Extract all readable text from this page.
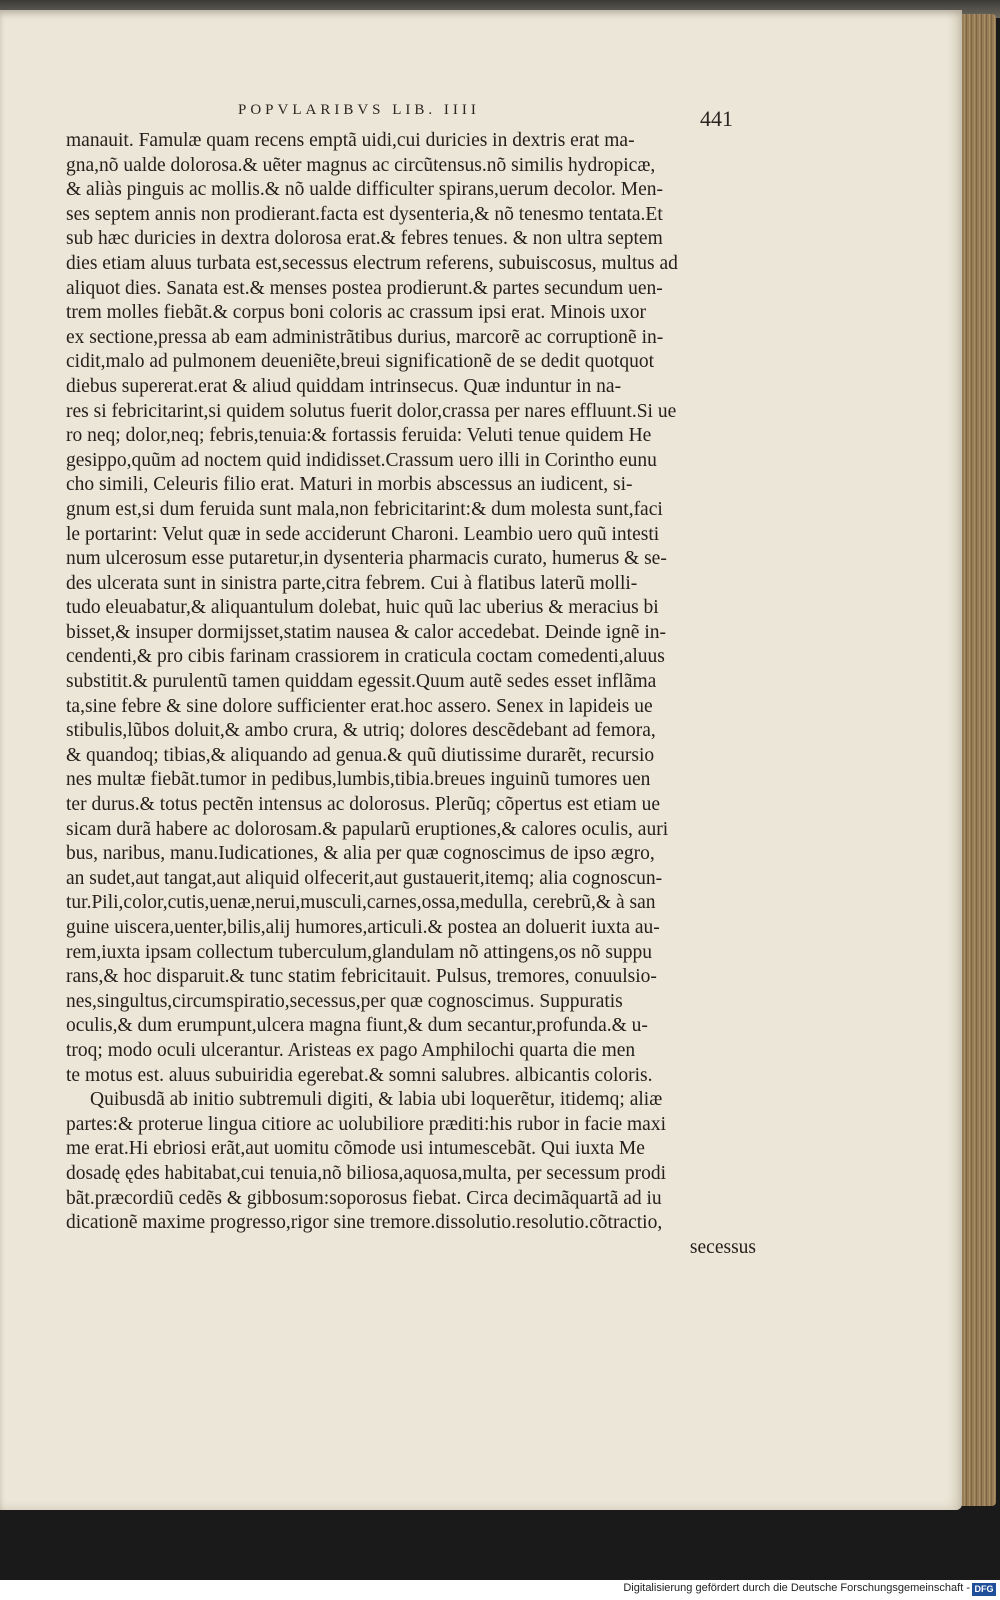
POPVLARIBVS LIB. IIII	441
manauit. Famulæ quam recens emptã uidi,cui duricies in dextris erat ma-
gna,nõ ualde dolorosa.& uẽter magnus ac circũtensus.nõ similis hydropicæ,
& aliàs pinguis ac mollis.& nõ ualde difficulter spirans,uerum decolor. Men-
ses septem annis non prodierant.facta est dysenteria,& nõ tenesmo tentata.Et
sub hæc duricies in dextra dolorosa erat.& febres tenues. & non ultra septem
dies etiam aluus turbata est,secessus electrum referens, subuiscosus, multus ad
aliquot dies. Sanata est.& menses postea prodierunt.& partes secundum uen-
trem molles fiebãt.& corpus boni coloris ac crassum ipsi erat. Minois uxor
ex sectione,pressa ab eam administrãtibus durius, marcorẽ ac corruptionẽ in-
cidit,malo ad pulmonem deueniẽte,breui significationẽ de se dedit quotquot
diebus supererat.erat & aliud quiddam intrinsecus. Quæ induntur in na-
res si febricitarint,si quidem solutus fuerit dolor,crassa per nares effluunt.Si ue
ro neq; dolor,neq; febris,tenuia:& fortassis feruida: Veluti tenue quidem He
gesippo,quũm ad noctem quid indidisset.Crassum uero illi in Corintho eunu
cho simili, Celeuris filio erat. Maturi in morbis abscessus an iudicent, si-
gnum est,si dum feruida sunt mala,non febricitarint:& dum molesta sunt,faci
le portarint: Velut quæ in sede acciderunt Charoni. Leambio uero quũ intesti
num ulcerosum esse putaretur,in dysenteria pharmacis curato, humerus & se-
des ulcerata sunt in sinistra parte,citra febrem. Cui à flatibus laterũ molli-
tudo eleuabatur,& aliquantulum dolebat, huic quũ lac uberius & meracius bi
bisset,& insuper dormijsset,statim nausea & calor accedebat. Deinde ignẽ in-
cendenti,& pro cibis farinam crassiorem in craticula coctam comedenti,aluus
substitit.& purulentũ tamen quiddam egessit.Quum autẽ sedes esset inflãma
ta,sine febre & sine dolore sufficienter erat.hoc assero. Senex in lapideis ue
stibulis,lũbos doluit,& ambo crura, & utriq; dolores descẽdebant ad femora,
& quandoq; tibias,& aliquando ad genua.& quũ diutissime durarẽt, recursio
nes multæ fiebãt.tumor in pedibus,lumbis,tibia.breues inguinũ tumores uen
ter durus.& totus pectẽn intensus ac dolorosus. Plerũq; cõpertus est etiam ue
sicam durã habere ac dolorosam.& papularũ eruptiones,& calores oculis, auri
bus, naribus, manu.Iudicationes, & alia per quæ cognoscimus de ipso ægro,
an sudet,aut tangat,aut aliquid olfecerit,aut gustauerit,itemq; alia cognoscun-
tur.Pili,color,cutis,uenæ,nerui,musculi,carnes,ossa,medulla, cerebrũ,& à san
guine uiscera,uenter,bilis,alij humores,articuli.& postea an doluerit iuxta au-
rem,iuxta ipsam collectum tuberculum,glandulam nõ attingens,os nõ suppu
rans,& hoc disparuit.& tunc statim febricitauit. Pulsus, tremores, conuulsio-
nes,singultus,circumspiratio,secessus,per quæ cognoscimus. Suppuratis
oculis,& dum erumpunt,ulcera magna fiunt,& dum secantur,profunda.& u-
troq; modo oculi ulcerantur. Aristeas ex pago Amphilochi quarta die men
te motus est. aluus subuiridia egerebat.& somni salubres. albicantis coloris.
Quibusdã ab initio subtremuli digiti, & labia ubi loquerẽtur, itidemq; aliæ
partes:& proterue lingua citiore ac uolubiliore præditi:his rubor in facie maxi
me erat.Hi ebriosi erãt,aut uomitu cõmode usi intumescebãt. Qui iuxta Me
dosadę ędes habitabat,cui tenuia,nõ biliosa,aquosa,multa, per secessum prodi
bãt.præcordiũ cedẽs & gibbosum:soporosus fiebat. Circa decimãquartã ad iu
dicationẽ maxime progresso,rigor sine tremore.dissolutio.resolutio.cõtractio,
secessus
Digitalisierung gefördert durch die Deutsche Forschungsgemeinschaft - DFG
